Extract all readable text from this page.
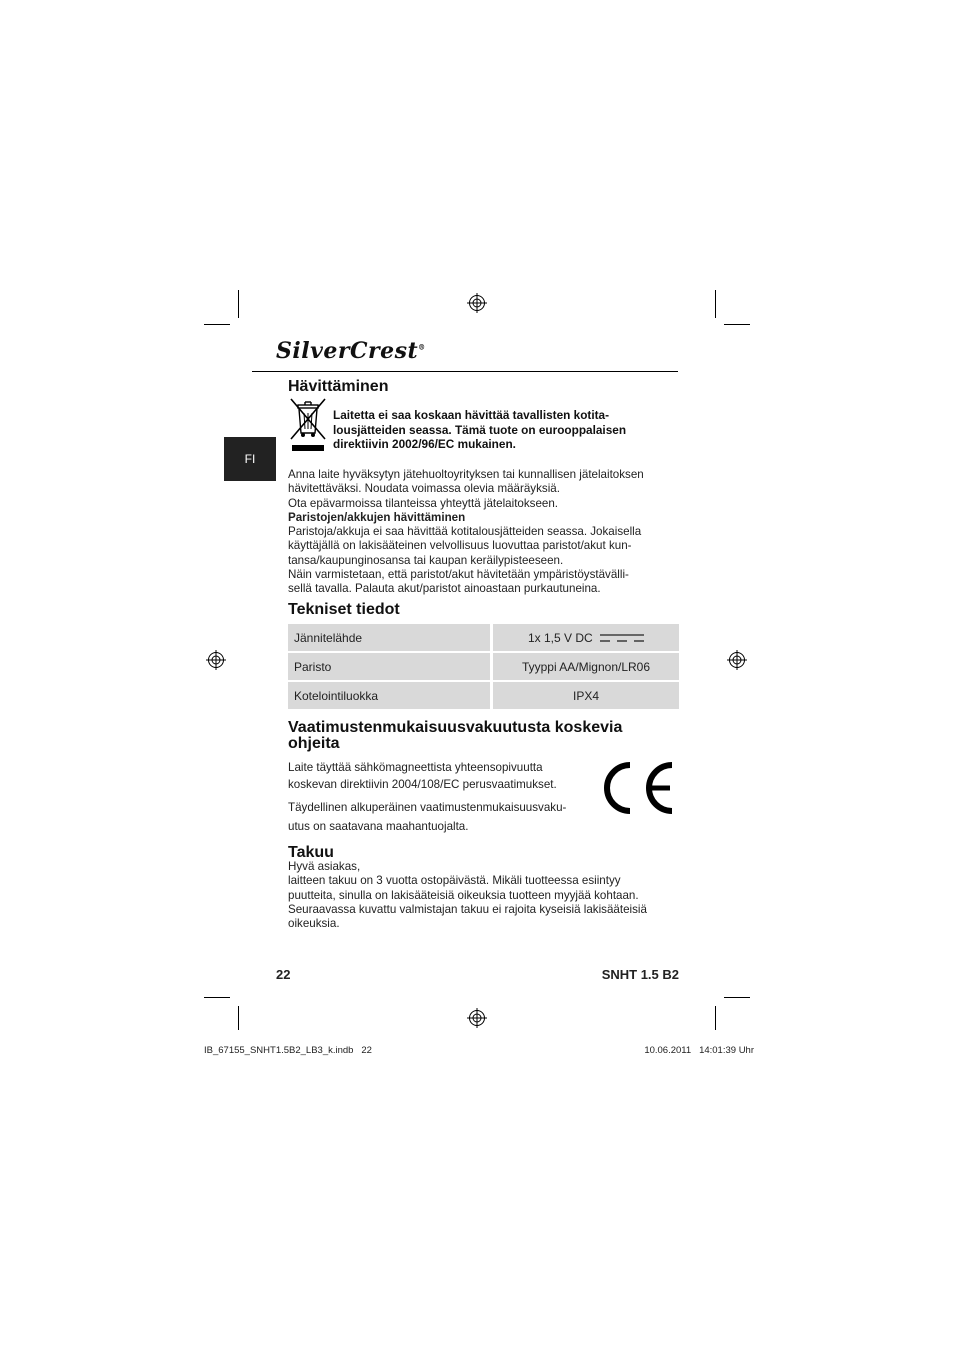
SilverCrest®
FI
Hävittäminen
Laitetta ei saa koskaan hävittää tavallisten kotita-
lousjätteiden seassa. Tämä tuote on eurooppalaisen
direktiivin 2002/96/EC mukainen.

Anna laite hyväksytyn jätehuoltoyrityksen tai kunnallisen jätelaitoksen

hävitettäväksi. Noudata voimassa olevia määräyksiä.

Ota epävarmoissa tilanteissa yhteyttä jätelaitokseen.

Paristojen/akkujen hävittäminen

Paristoja/akkuja ei saa hävittää kotitalousjätteiden seassa. Jokaisella

käyttäjällä on lakisääteinen velvollisuus luovuttaa paristot/akut kun-

tansa/kaupunginosansa tai kaupan keräilypisteeseen.

Näin varmistetaan, että paristot/akut hävitetään ympäristöystävälli-

sellä tavalla. Palauta akut/paristot ainoastaan purkautuneina.

Tekniset tiedot
Jännitelähde	1x 1,5 V DC
Paristo	Tyyppi AA/Mignon/LR06
Kotelointiluokka	IPX4
Vaatimustenmukaisuusvakuutusta koskevia
ohjeita
Laite täyttää sähkömagneettista yhteensopivuutta
koskevan direktiivin 2004/108/EC perusvaatimukset.
Täydellinen alkuperäinen vaatimustenmukaisuusvaku-
utus on saatavana maahantuojalta.
Takuu

Hyvä asiakas,

laitteen takuu on 3 vuotta ostopäivästä. Mikäli tuotteessa esiintyy

puutteita, sinulla on lakisääteisiä oikeuksia tuotteen myyjää kohtaan.

Seuraavassa kuvattu valmistajan takuu ei rajoita kyseisiä lakisääteisiä

oikeuksia.

22	SNHT 1.5 B2
IB_67155_SNHT1.5B2_LB3_k.indb   22	10.06.2011   14:01:39 Uhr
